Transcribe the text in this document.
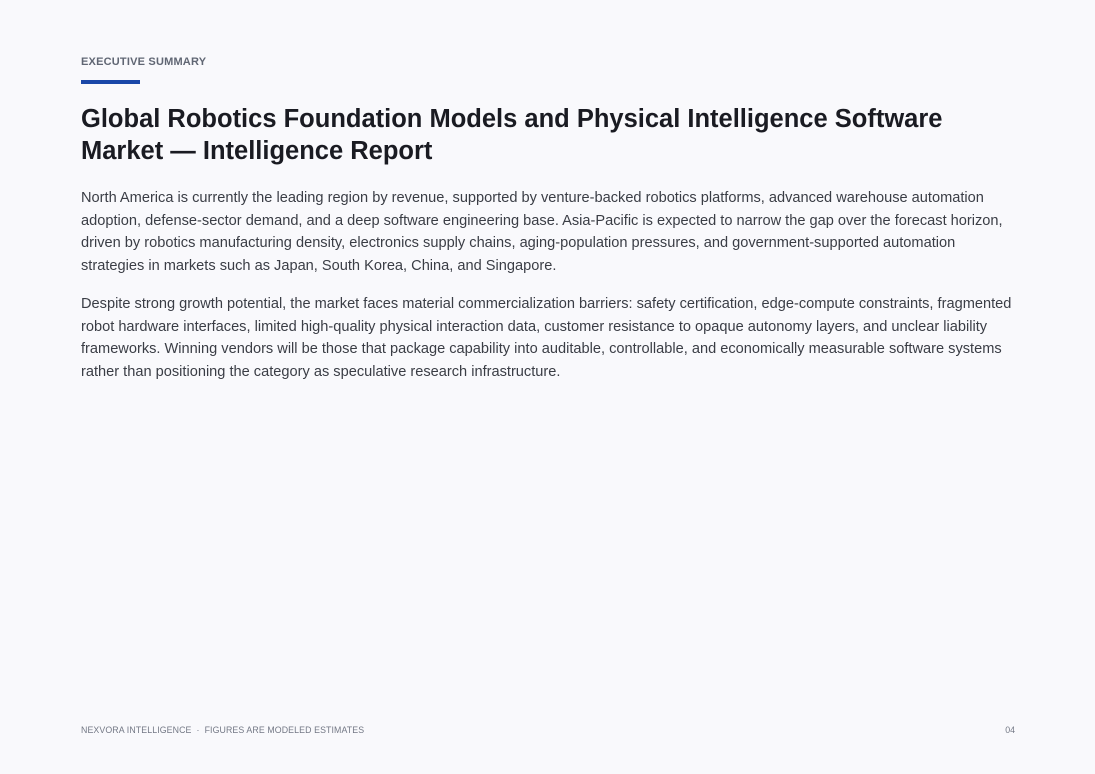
EXECUTIVE SUMMARY
Global Robotics Foundation Models and Physical Intelligence Software Market — Intelligence Report

North America is currently the leading region by revenue, supported by venture-backed robotics platforms, advanced warehouse automation adoption, defense-sector demand, and a deep software engineering base. Asia-Pacific is expected to narrow the gap over the forecast horizon, driven by robotics manufacturing density, electronics supply chains, aging-population pressures, and government-supported automation strategies in markets such as Japan, South Korea, China, and Singapore.

Despite strong growth potential, the market faces material commercialization barriers: safety certification, edge-compute constraints, fragmented robot hardware interfaces, limited high-quality physical interaction data, customer resistance to opaque autonomy layers, and unclear liability frameworks. Winning vendors will be those that package capability into auditable, controllable, and economically measurable software systems rather than positioning the category as speculative research infrastructure.

NEXVORA INTELLIGENCE · FIGURES ARE MODELED ESTIMATES	04
